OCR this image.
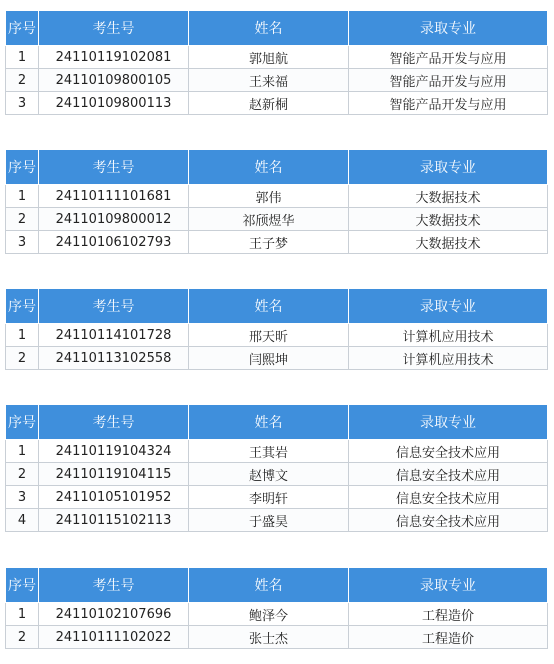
序号	考生号	姓名	录取专业
1	24110119102081	郭旭航	智能产品开发与应用
2	24110109800105	王来福	智能产品开发与应用
3	24110109800113	赵新桐	智能产品开发与应用
序号	考生号	姓名	录取专业
1	24110111101681	郭伟	大数据技术
2	24110109800012	祁颀煜华	大数据技术
3	24110106102793	王子梦	大数据技术
序号	考生号	姓名	录取专业
1	24110114101728	邢天昕	计算机应用技术
2	24110113102558	闫熙坤	计算机应用技术
序号	考生号	姓名	录取专业
1	24110119104324	王萁岩	信息安全技术应用
2	24110119104115	赵博文	信息安全技术应用
3	24110105101952	李明轩	信息安全技术应用
4	24110115102113	于盛昊	信息安全技术应用
序号	考生号	姓名	录取专业
1	24110102107696	鲍泽今	工程造价
2	24110111102022	张士杰	工程造价
